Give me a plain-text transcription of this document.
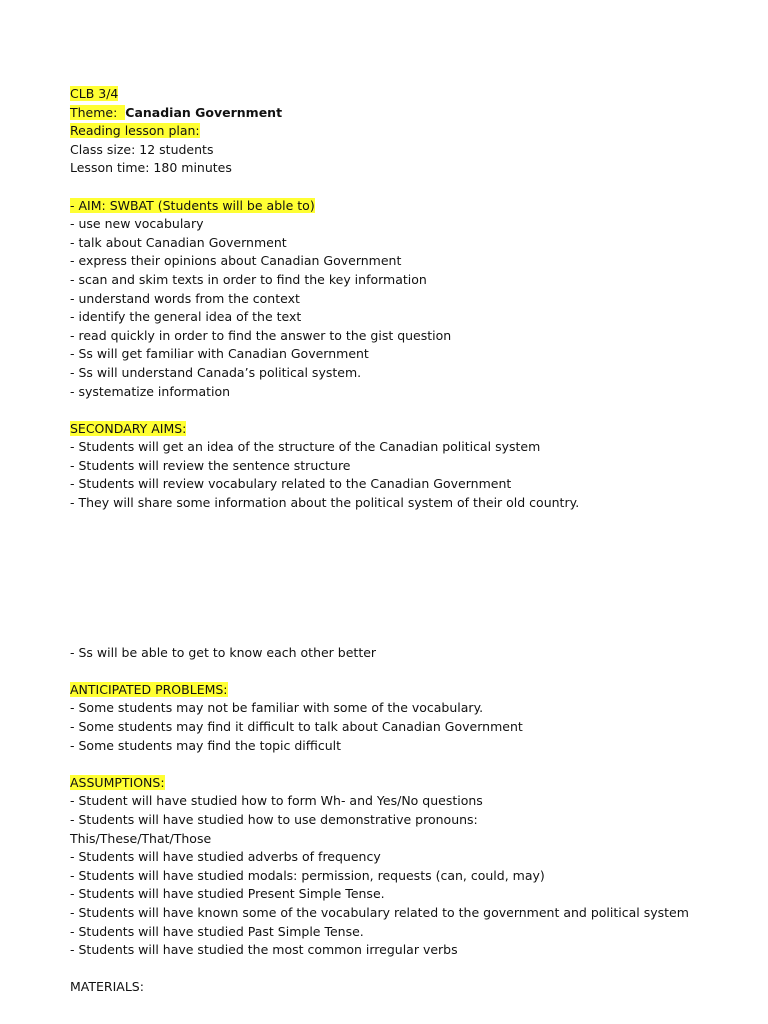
CLB 3/4
Theme: Canadian Government
Reading lesson plan:
Class size: 12 students
Lesson time: 180 minutes
- AIM: SWBAT (Students will be able to)
- use new vocabulary
- talk about Canadian Government
- express their opinions about Canadian Government
- scan and skim texts in order to find the key information
- understand words from the context
- identify the general idea of the text
- read quickly in order to find the answer to the gist question
- Ss will get familiar with Canadian Government
- Ss will understand Canada’s political system.
- systematize information
SECONDARY AIMS:
- Students will get an idea of the structure of the Canadian political system
- Students will review the sentence structure
- Students will review vocabulary related to the Canadian Government
- They will share some information about the political system of their old country.
- Ss will be able to get to know each other better
ANTICIPATED PROBLEMS:
- Some students may not be familiar with some of the vocabulary.
- Some students may find it difficult to talk about Canadian Government
- Some students may find the topic difficult
ASSUMPTIONS:
- Student will have studied how to form Wh- and Yes/No questions
- Students will have studied how to use demonstrative pronouns:
This/These/That/Those
- Students will have studied adverbs of frequency
- Students will have studied modals: permission, requests (can, could, may)
- Students will have studied Present Simple Tense.
- Students will have known some of the vocabulary related to the government and political system
- Students will have studied Past Simple Tense.
- Students will have studied the most common irregular verbs
MATERIALS:
